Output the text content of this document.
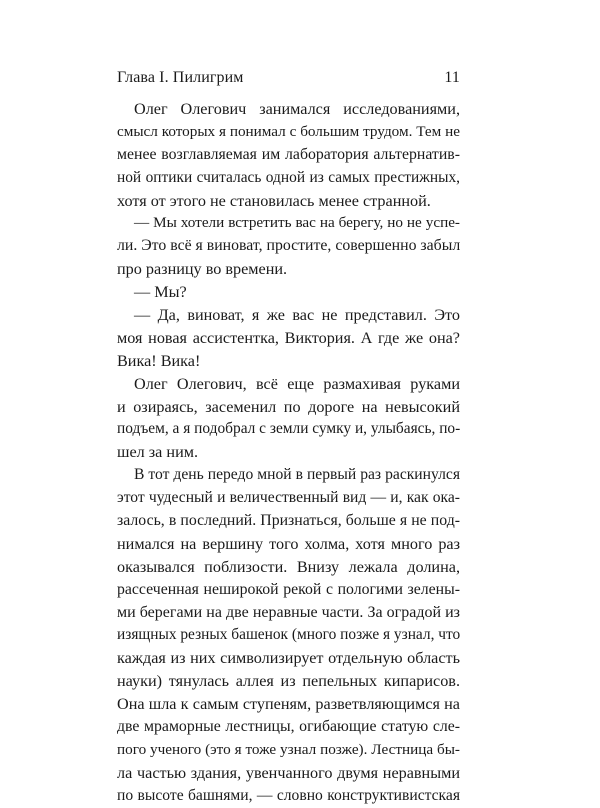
Глава I. Пилигрим	11
Олег Олегович занимался исследованиями,
смысл которых я понимал с большим трудом. Тем не
менее возглавляемая им лаборатория альтернатив-
ной оптики считалась одной из самых престижных,
хотя от этого не становилась менее странной.
— Мы хотели встретить вас на берегу, но не успе-
ли. Это всё я виноват, простите, совершенно забыл
про разницу во времени.
— Мы?
— Да, виноват, я же вас не представил. Это
моя новая ассистентка, Виктория. А где же она?
Вика! Вика!
Олег Олегович, всё еще размахивая руками
и озираясь, засеменил по дороге на невысокий
подъем, а я подобрал с земли сумку и, улыбаясь, по-
шел за ним.
В тот день передо мной в первый раз раскинулся
этот чудесный и величественный вид — и, как ока-
залось, в последний. Признаться, больше я не под-
нимался на вершину того холма, хотя много раз
оказывался поблизости. Внизу лежала долина,
рассеченная неширокой рекой с пологими зелены-
ми берегами на две неравные части. За оградой из
изящных резных башенок (много позже я узнал, что
каждая из них символизирует отдельную область
науки) тянулась аллея из пепельных кипарисов.
Она шла к самым ступеням, разветвляющимся на
две мраморные лестницы, огибающие статую сле-
пого ученого (это я тоже узнал позже). Лестница бы-
ла частью здания, увенчанного двумя неравными
по высоте башнями, — словно конструктивистская
